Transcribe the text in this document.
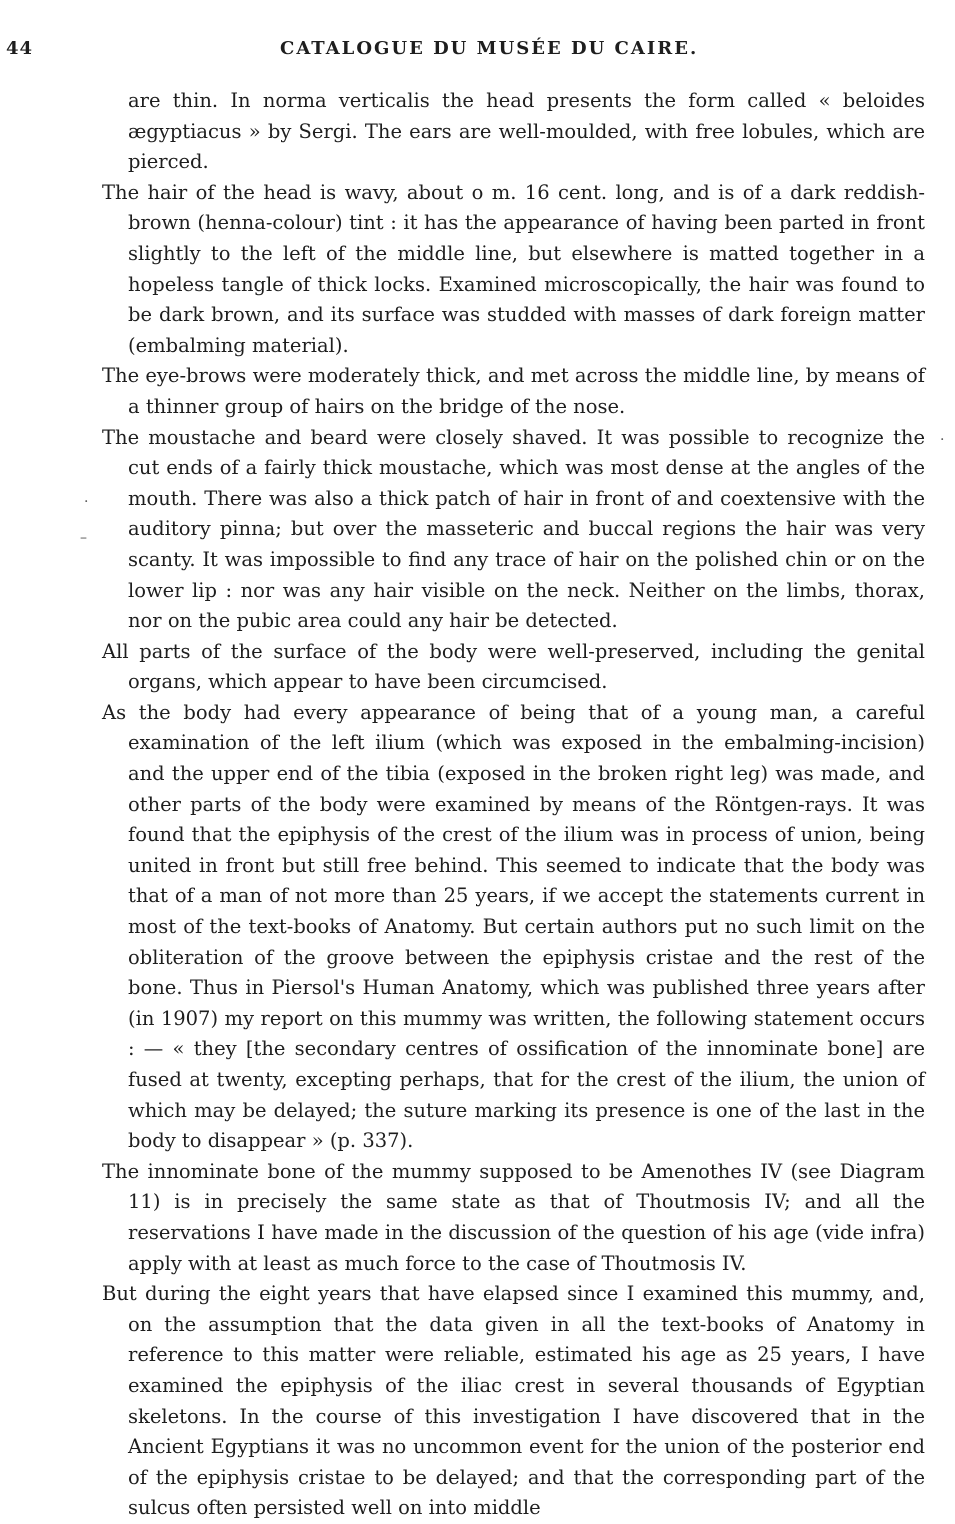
44	CATALOGUE DU MUSÉE DU CAIRE.

are thin. In norma verticalis the head presents the form called « beloides ægyptiacus » by Sergi. The ears are well-moulded, with free lobules, which are pierced.

The hair of the head is wavy, about o m. 16 cent. long, and is of a dark reddish-brown (henna-colour) tint : it has the appearance of having been parted in front slightly to the left of the middle line, but elsewhere is matted together in a hopeless tangle of thick locks. Examined microscopically, the hair was found to be dark brown, and its surface was studded with masses of dark foreign matter (embalming material).

The eye-brows were moderately thick, and met across the middle line, by means of a thinner group of hairs on the bridge of the nose.

The moustache and beard were closely shaved. It was possible to recognize the cut ends of a fairly thick moustache, which was most dense at the angles of the mouth. There was also a thick patch of hair in front of and coextensive with the auditory pinna; but over the masseteric and buccal regions the hair was very scanty. It was impossible to find any trace of hair on the polished chin or on the lower lip : nor was any hair visible on the neck. Neither on the limbs, thorax, nor on the pubic area could any hair be detected.

All parts of the surface of the body were well-preserved, including the genital organs, which appear to have been circumcised.

As the body had every appearance of being that of a young man, a careful examination of the left ilium (which was exposed in the embalming-incision) and the upper end of the tibia (exposed in the broken right leg) was made, and other parts of the body were examined by means of the Röntgen-rays. It was found that the epiphysis of the crest of the ilium was in process of union, being united in front but still free behind. This seemed to indicate that the body was that of a man of not more than 25 years, if we accept the statements current in most of the text-books of Anatomy. But certain authors put no such limit on the obliteration of the groove between the epiphysis cristae and the rest of the bone. Thus in Piersol's Human Anatomy, which was published three years after (in 1907) my report on this mummy was written, the following statement occurs : — « they [the secondary centres of ossification of the innominate bone] are fused at twenty, excepting perhaps, that for the crest of the ilium, the union of which may be delayed; the suture marking its presence is one of the last in the body to disappear » (p. 337).

The innominate bone of the mummy supposed to be Amenothes IV (see Diagram 11) is in precisely the same state as that of Thoutmosis IV; and all the reservations I have made in the discussion of the question of his age (vide infra) apply with at least as much force to the case of Thoutmosis IV.

But during the eight years that have elapsed since I examined this mummy, and, on the assumption that the data given in all the text-books of Anatomy in reference to this matter were reliable, estimated his age as 25 years, I have examined the epiphysis of the iliac crest in several thousands of Egyptian skeletons. In the course of this investigation I have discovered that in the Ancient Egyptians it was no uncommon event for the union of the posterior end of the epiphysis cristae to be delayed; and that the corresponding part of the sulcus often persisted well on into middle

·
·
–
